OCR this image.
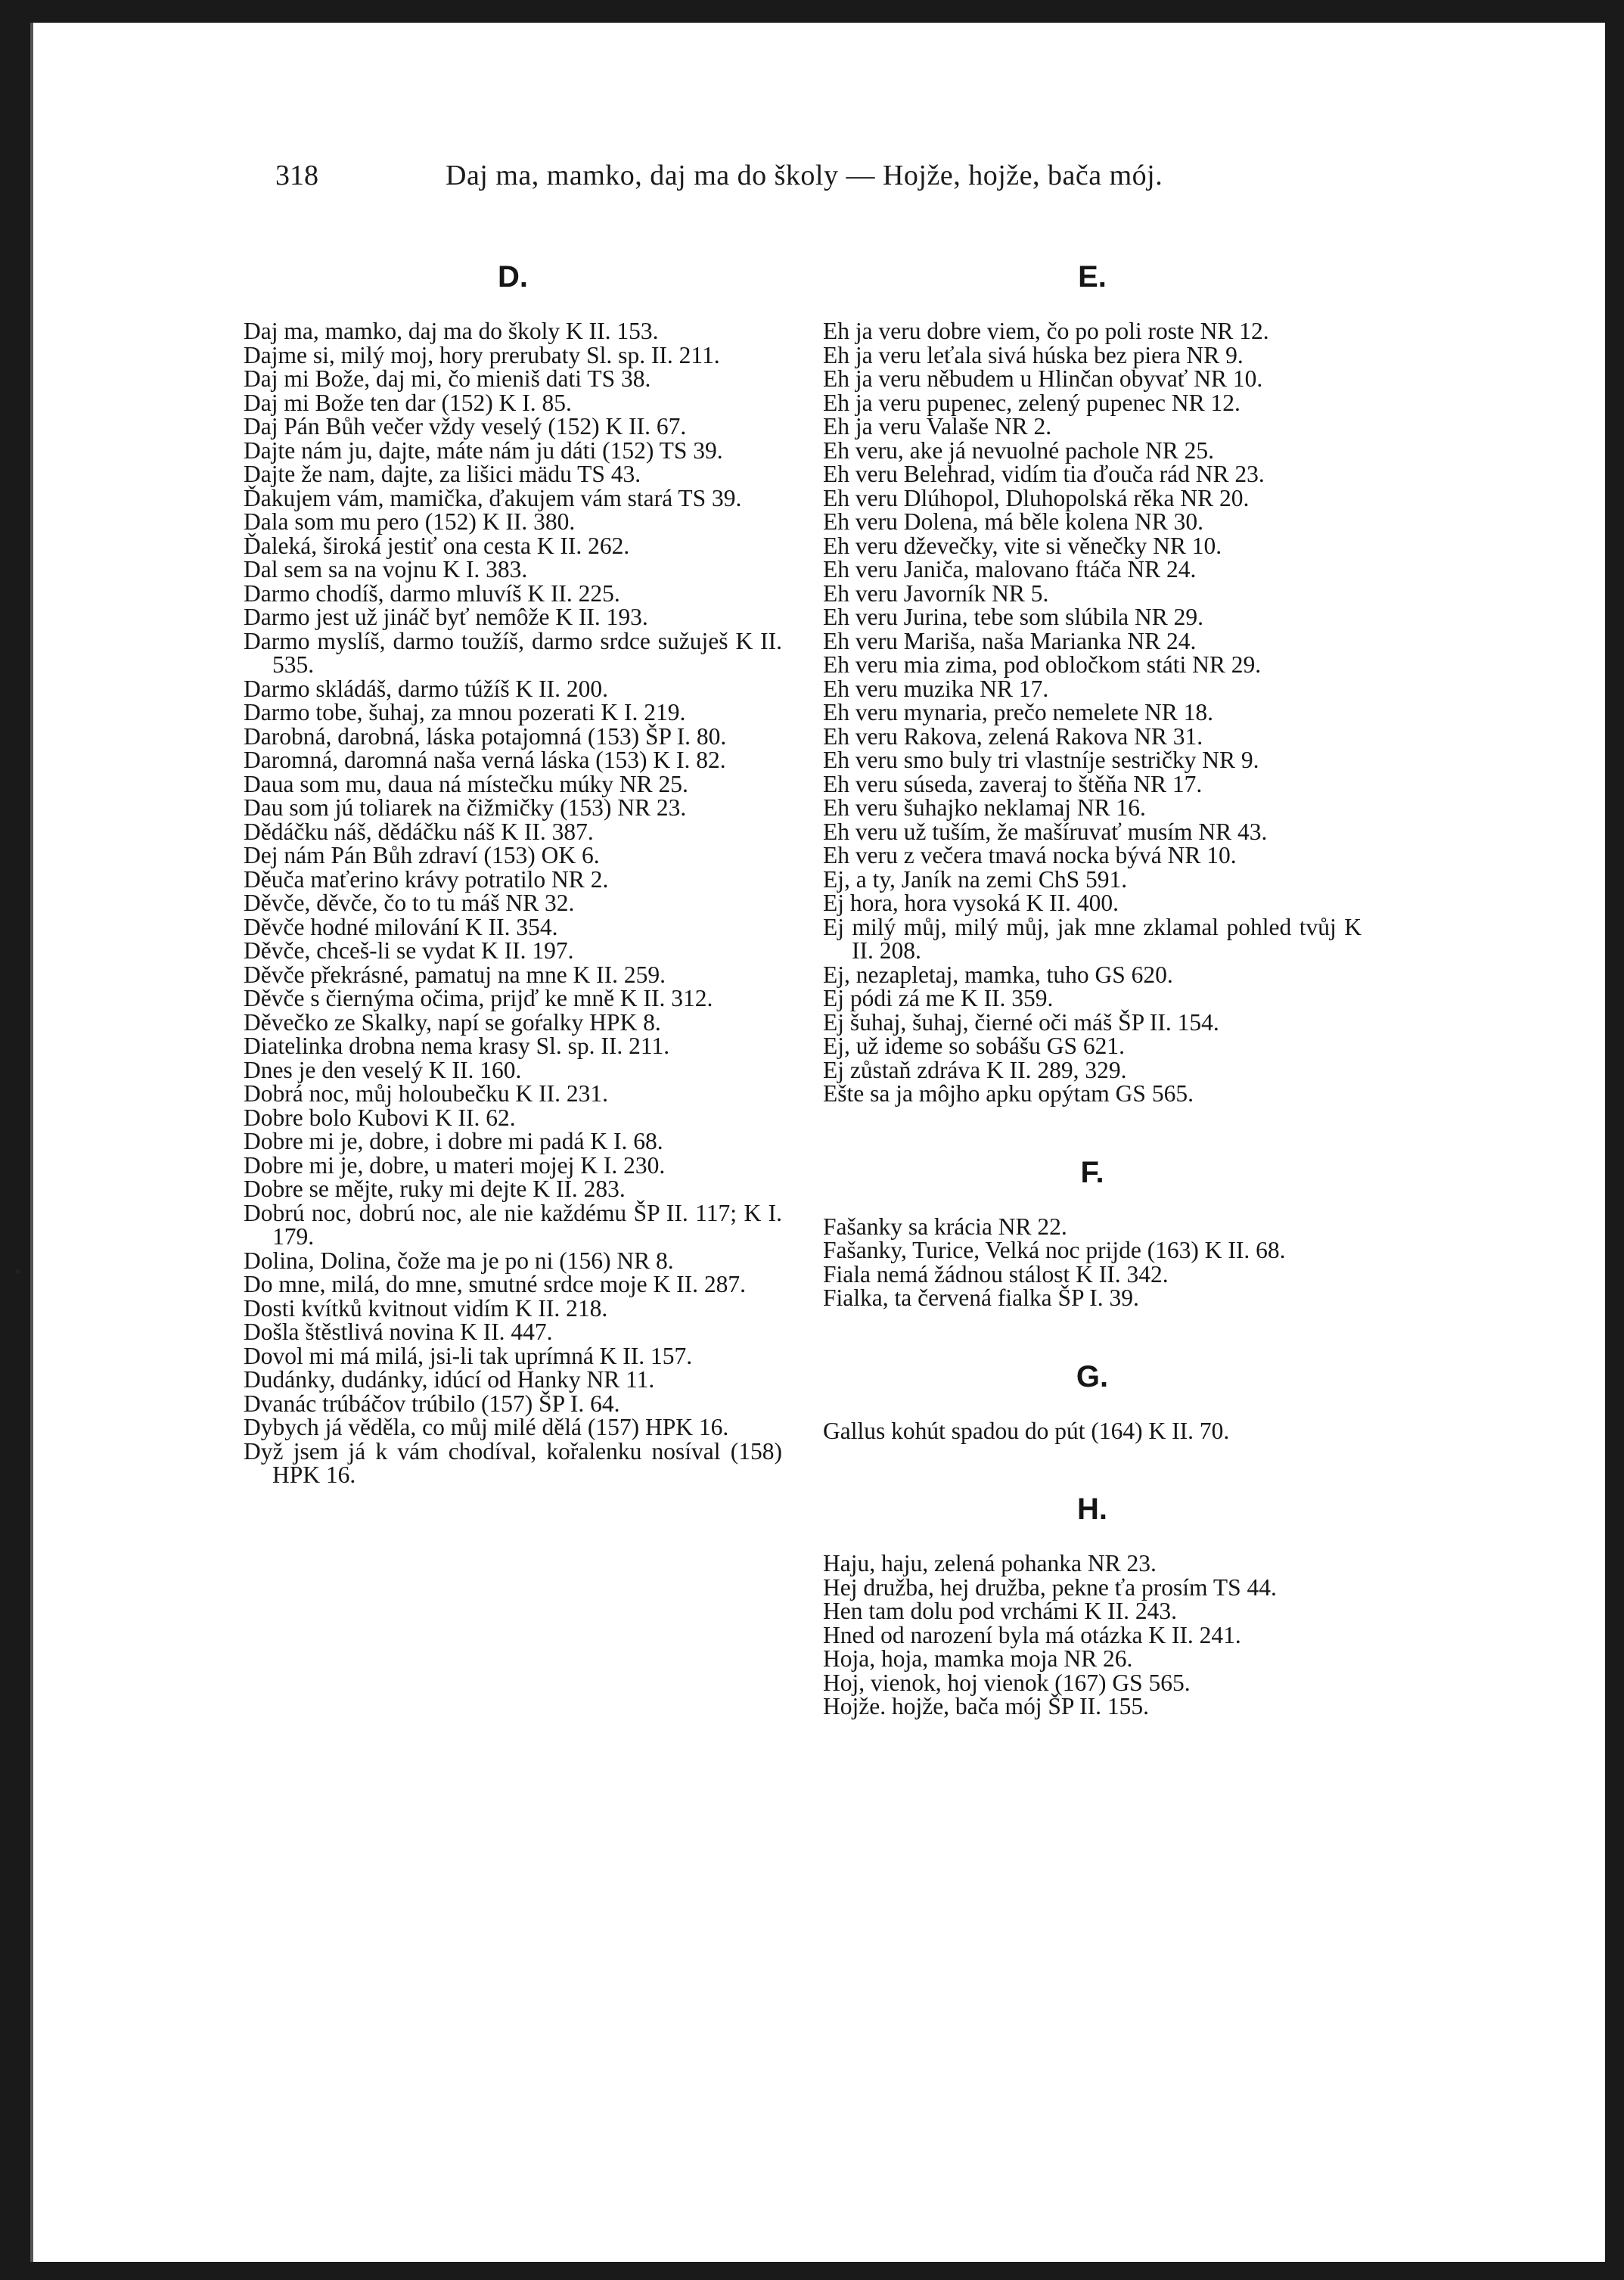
318	Daj ma, mamko, daj ma do školy — Hojže, hojže, bača mój.
D.

Daj ma, mamko, daj ma do školy K II. 153.

Dajme si, milý moj, hory prerubaty Sl. sp. II. 211.

Daj mi Bože, daj mi, čo mieniš dati TS 38.

Daj mi Bože ten dar (152) K I. 85.

Daj Pán Bůh večer vždy veselý (152) K II. 67.

Dajte nám ju, dajte, máte nám ju dáti (152) TS 39.

Dajte že nam, dajte, za lišici mädu TS 43.

Ďakujem vám, mamička, ďakujem vám stará TS 39.

Dala som mu pero (152) K II. 380.

Ďaleká, široká jestiť ona cesta K II. 262.

Dal sem sa na vojnu K I. 383.

Darmo chodíš, darmo mluvíš K II. 225.

Darmo jest už jináč byť nemôže K II. 193.

Darmo myslíš, darmo toužíš, darmo srdce sužuješ K II. 535.

Darmo skládáš, darmo túžíš K II. 200.

Darmo tobe, šuhaj, za mnou pozerati K I. 219.

Darobná, darobná, láska potajomná (153) ŠP I. 80.

Daromná, daromná naša verná láska (153) K I. 82.

Daua som mu, daua ná místečku múky NR 25.

Dau som jú toliarek na čižmičky (153) NR 23.

Dědáčku náš, dědáčku náš K II. 387.

Dej nám Pán Bůh zdraví (153) OK 6.

Děuča maťerino krávy potratilo NR 2.

Děvče, děvče, čo to tu máš NR 32.

Děvče hodné milování K II. 354.

Děvče, chceš-li se vydat K II. 197.

Děvče překrásné, pamatuj na mne K II. 259.

Děvče s čiernýma očima, prijď ke mně K II. 312.

Děvečko ze Skalky, napí se goŕalky HPK 8.

Diatelinka drobna nema krasy Sl. sp. II. 211.

Dnes je den veselý K II. 160.

Dobrá noc, můj holoubečku K II. 231.

Dobre bolo Kubovi K II. 62.

Dobre mi je, dobre, i dobre mi padá K I. 68.

Dobre mi je, dobre, u materi mojej K I. 230.

Dobre se mějte, ruky mi dejte K II. 283.

Dobrú noc, dobrú noc, ale nie každému ŠP II. 117; K I. 179.

Dolina, Dolina, čože ma je po ni (156) NR 8.

Do mne, milá, do mne, smutné srdce moje K II. 287.

Dosti kvítků kvitnout vidím K II. 218.

Došla štěstlivá novina K II. 447.

Dovol mi má milá, jsi-li tak uprímná K II. 157.

Dudánky, dudánky, idúcí od Hanky NR 11.

Dvanác trúbáčov trúbilo (157) ŠP I. 64.

Dybych já věděla, co můj milé dělá (157) HPK 16.

Dyž jsem já k vám chodíval, kořalenku nosíval (158) HPK 16.

E.

Eh ja veru dobre viem, čo po poli roste NR 12.

Eh ja veru leťala sivá húska bez piera NR 9.

Eh ja veru něbudem u Hlinčan obyvať NR 10.

Eh ja veru pupenec, zelený pupenec NR 12.

Eh ja veru Valaše NR 2.

Eh veru, ake já nevuolné pachole NR 25.

Eh veru Belehrad, vidím tia ďouča rád NR 23.

Eh veru Dlúhopol, Dluhopolská rěka NR 20.

Eh veru Dolena, má běle kolena NR 30.

Eh veru dževečky, vite si věnečky NR 10.

Eh veru Janiča, malovano ftáča NR 24.

Eh veru Javorník NR 5.

Eh veru Jurina, tebe som slúbila NR 29.

Eh veru Mariša, naša Marianka NR 24.

Eh veru mia zima, pod obločkom státi NR 29.

Eh veru muzika NR 17.

Eh veru mynaria, prečo nemelete NR 18.

Eh veru Rakova, zelená Rakova NR 31.

Eh veru smo buly tri vlastníje sestričky NR 9.

Eh veru súseda, zaveraj to štěňa NR 17.

Eh veru šuhajko neklamaj NR 16.

Eh veru už tuším, že mašíruvať musím NR 43.

Eh veru z večera tmavá nocka bývá NR 10.

Ej, a ty, Janík na zemi ChS 591.

Ej hora, hora vysoká K II. 400.

Ej milý můj, milý můj, jak mne zklamal pohled tvůj K II. 208.

Ej, nezapletaj, mamka, tuho GS 620.

Ej pódi zá me K II. 359.

Ej šuhaj, šuhaj, čierné oči máš ŠP II. 154.

Ej, už ideme so sobášu GS 621.

Ej zůstaň zdráva K II. 289, 329.

Ešte sa ja môjho apku opýtam GS 565.

F.

Fašanky sa krácia NR 22.

Fašanky, Turice, Velká noc prijde (163) K II. 68.

Fiala nemá žádnou stálost K II. 342.

Fialka, ta červená fialka ŠP I. 39.

G.

Gallus kohút spadou do pút (164) K II. 70.

H.

Haju, haju, zelená pohanka NR 23.

Hej družba, hej družba, pekne ťa prosím TS 44.

Hen tam dolu pod vrchámi K II. 243.

Hned od narození byla má otázka K II. 241.

Hoja, hoja, mamka moja NR 26.

Hoj, vienok, hoj vienok (167) GS 565.

Hojže. hojže, bača mój ŠP II. 155.
